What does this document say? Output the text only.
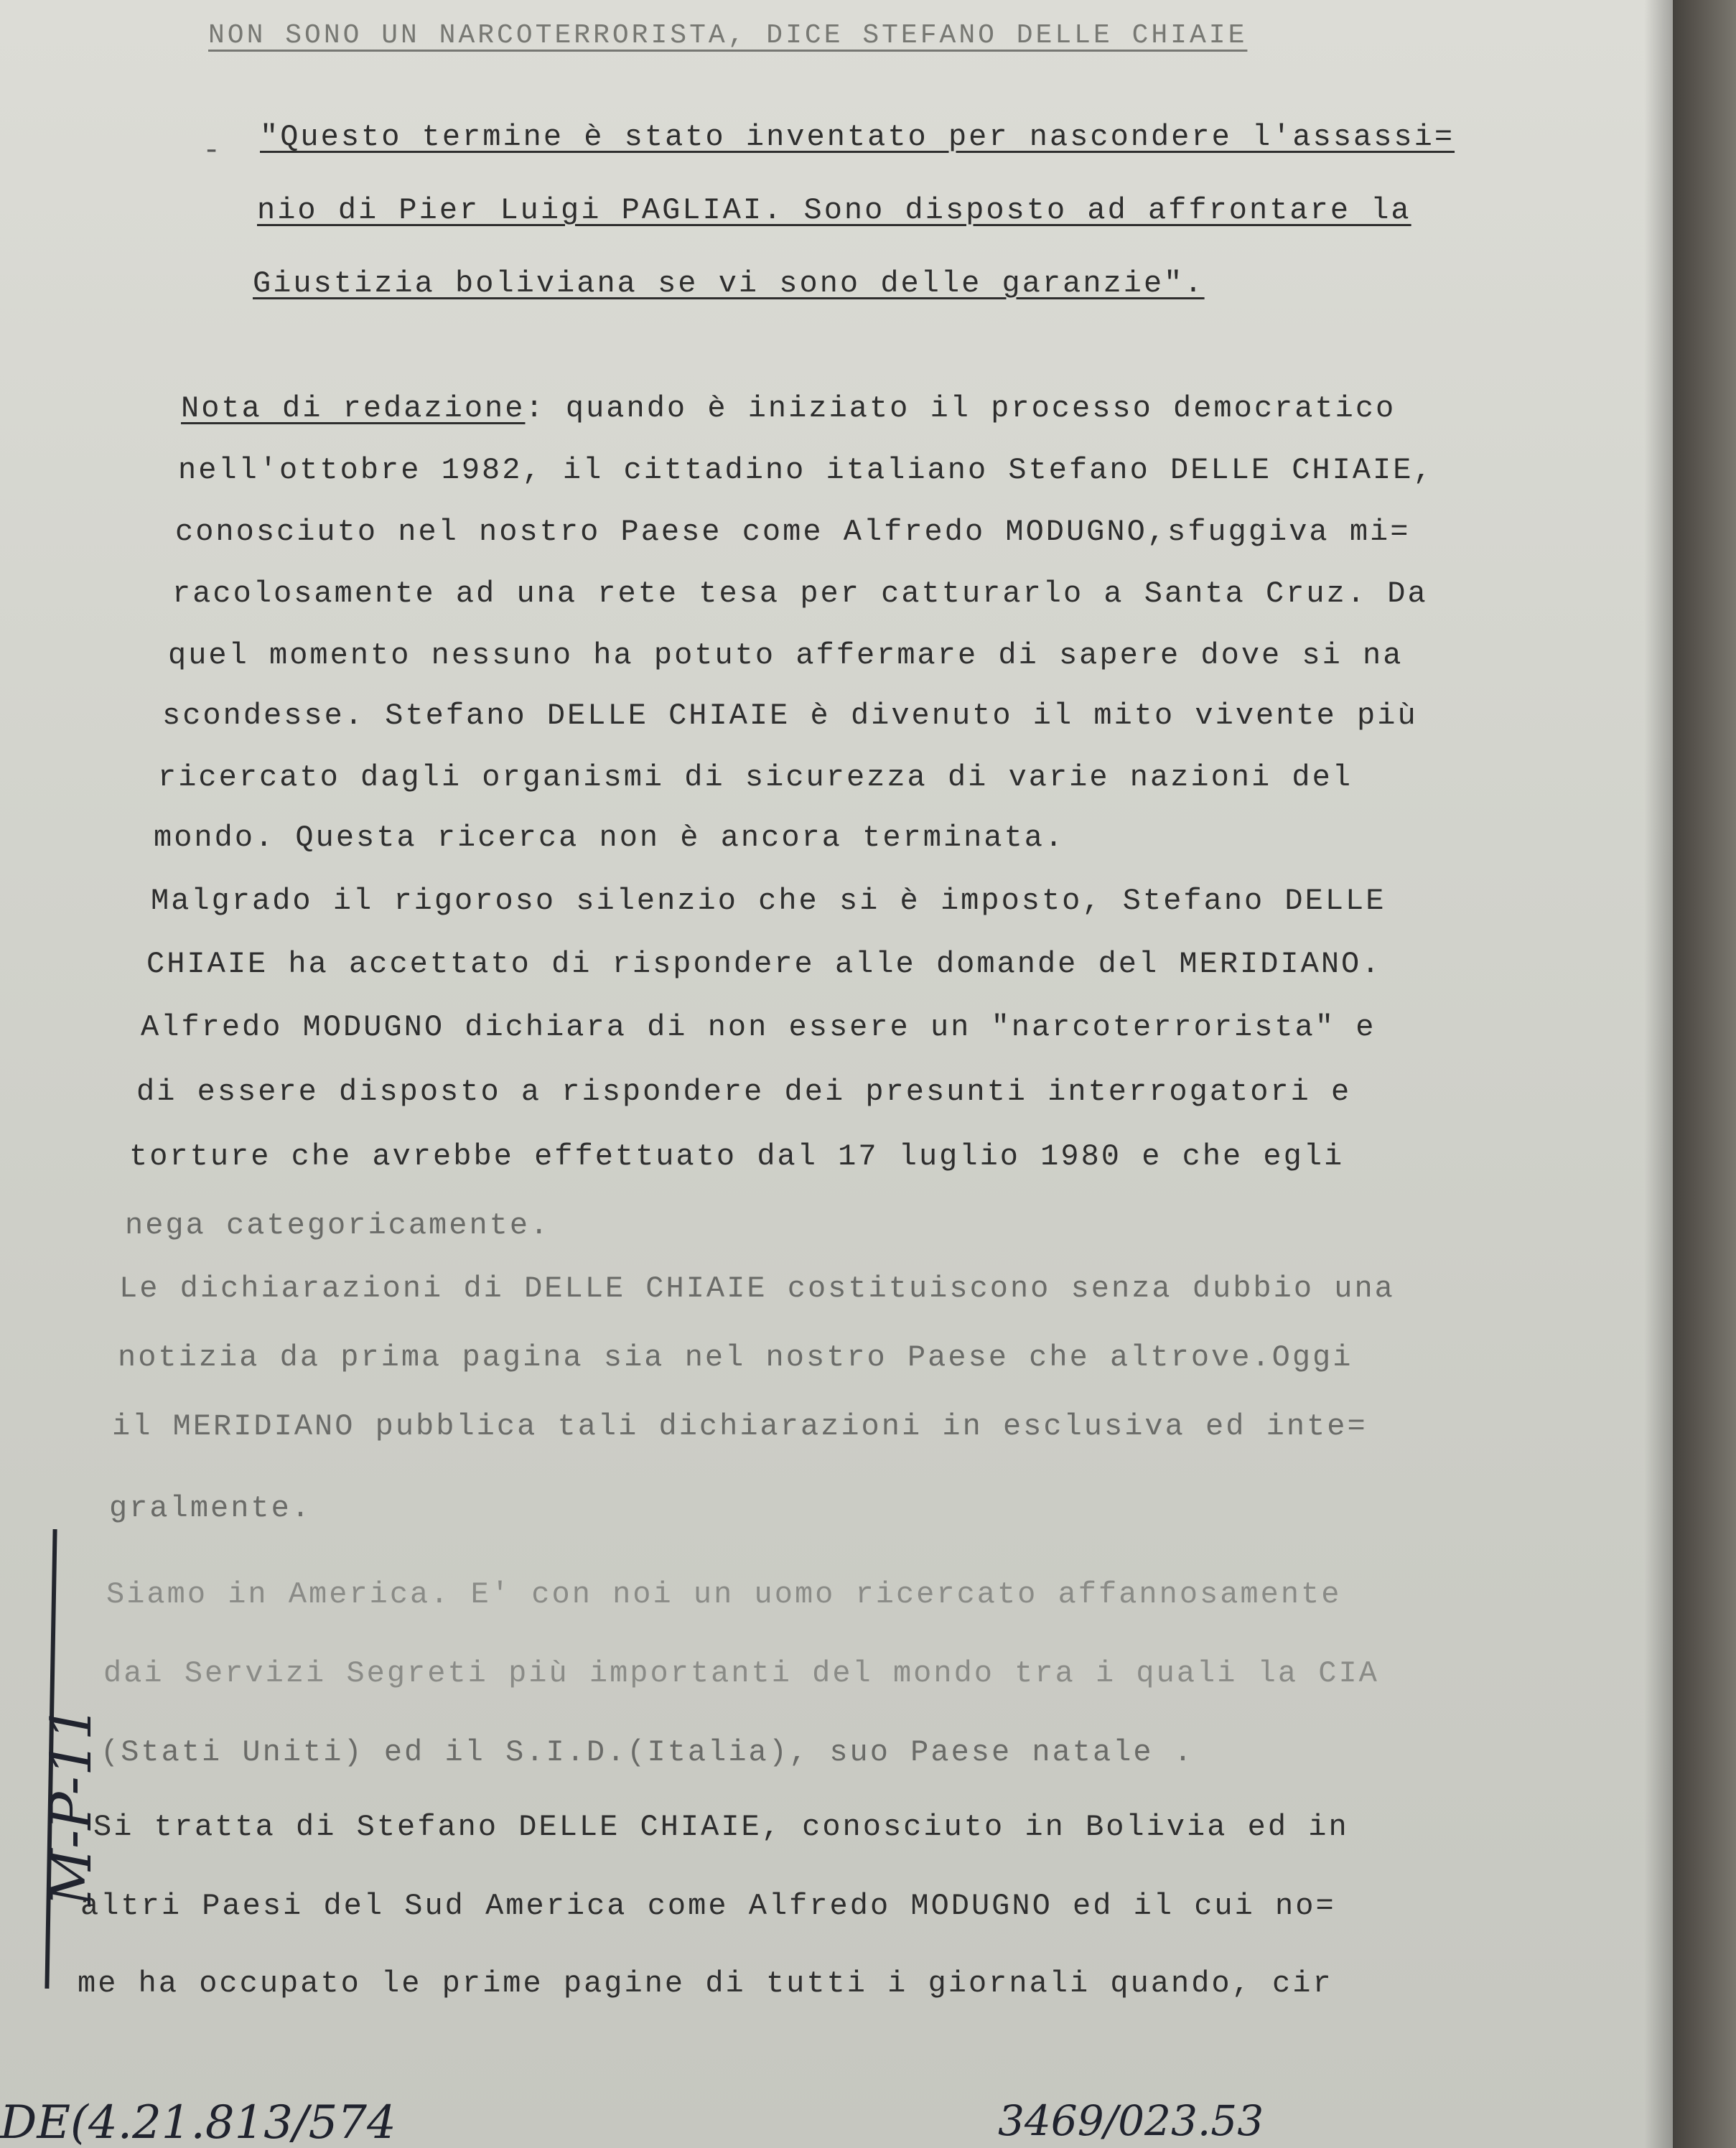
NON SONO UN NARCOTERRORISTA, DICE STEFANO DELLE CHIAIE
- "Questo termine è stato inventato per nascondere l'assassi=
nio di Pier Luigi PAGLIAI. Sono disposto ad affrontare la
Giustizia boliviana se vi sono delle garanzie".
Nota di redazione: quando è iniziato il processo democratico
nell'ottobre 1982, il cittadino italiano Stefano DELLE CHIAIE,
conosciuto nel nostro Paese come Alfredo MODUGNO,sfuggiva mi=
racolosamente ad una rete tesa per catturarlo a Santa Cruz. Da
quel momento nessuno ha potuto affermare di sapere dove si na
scondesse. Stefano DELLE CHIAIE è divenuto il mito vivente più
ricercato dagli organismi di sicurezza di varie nazioni del
mondo. Questa ricerca non è ancora terminata.
Malgrado il rigoroso silenzio che si è imposto, Stefano DELLE
CHIAIE ha accettato di rispondere alle domande del MERIDIANO.
Alfredo MODUGNO dichiara di non essere un "narcoterrorista" e
di essere disposto a rispondere dei presunti interrogatori e
torture che avrebbe effettuato dal 17 luglio 1980 e che egli
nega categoricamente.
Le dichiarazioni di DELLE CHIAIE costituiscono senza dubbio una
notizia da prima pagina sia nel nostro Paese che altrove.Oggi
il MERIDIANO pubblica tali dichiarazioni in esclusiva ed inte=
gralmente.
Siamo in America. E' con noi un uomo ricercato affannosamente
dai Servizi Segreti più importanti del mondo tra i quali la CIA
(Stati Uniti) ed il S.I.D.(Italia), suo Paese natale .
Si tratta di Stefano DELLE CHIAIE, conosciuto in Bolivia ed in
altri Paesi del Sud America come Alfredo MODUGNO ed il cui no=
me ha occupato le prime pagine di tutti i giornali quando, cir
M-P-11
DE(4.21.813/574	3469/023.53
